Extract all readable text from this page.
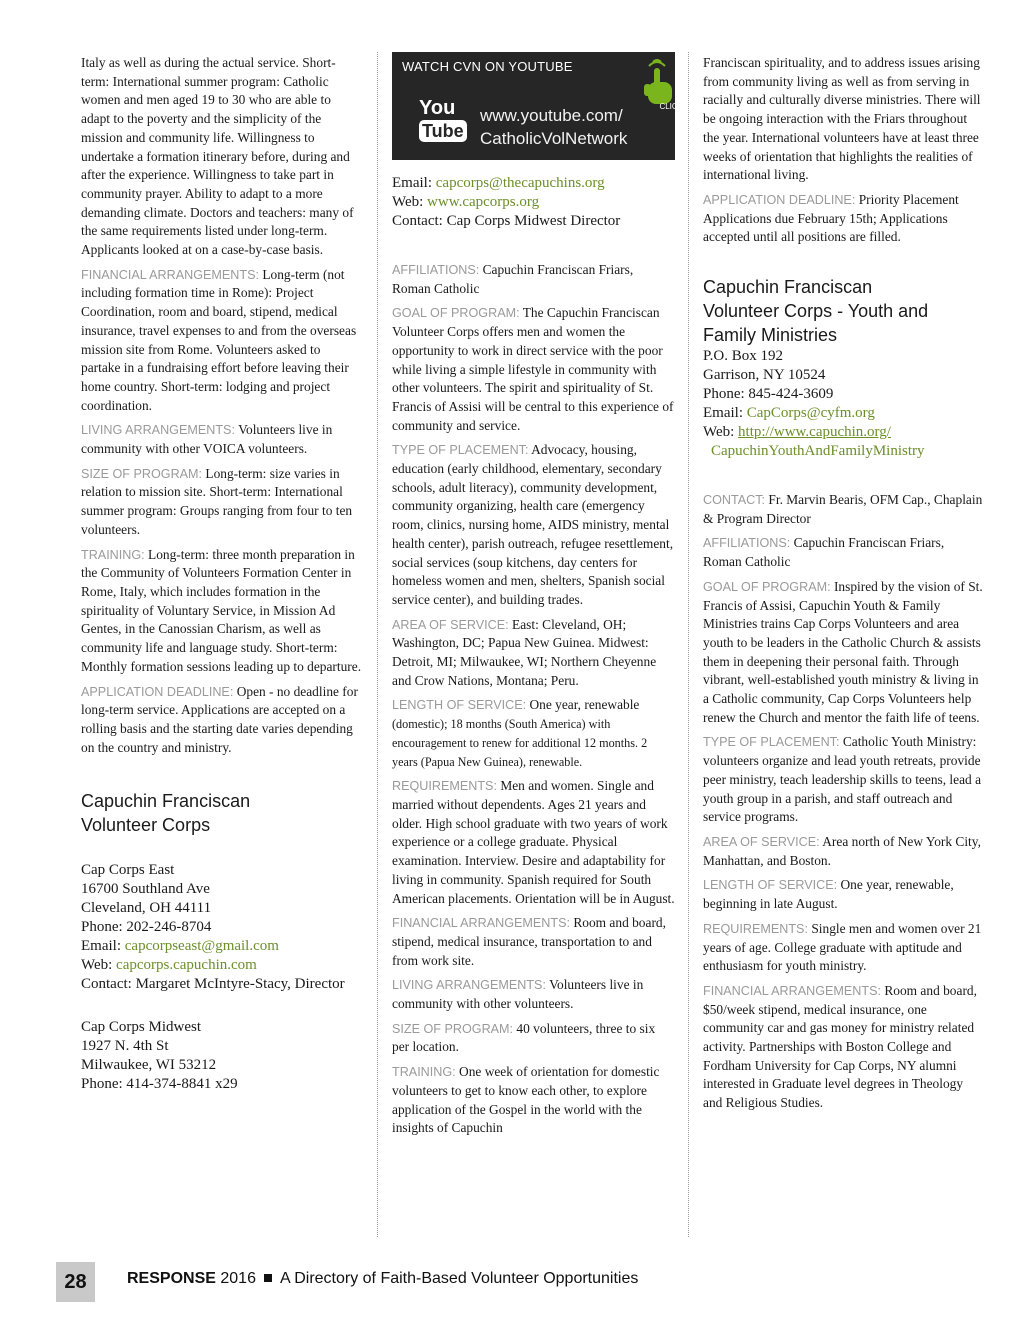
Italy as well as during the actual service. Short-term: International summer program: Catholic women and men aged 19 to 30 who are able to adapt to the poverty and the simplicity of the mission and community life. Willingness to undertake a formation itinerary before, during and after the experience. Willingness to take part in community prayer. Ability to adapt to a more demanding climate. Doctors and teachers: many of the same requirements listed under long-term. Applicants looked at on a case-by-case basis.

FINANCIAL ARRANGEMENTS: Long-term (not including formation time in Rome): Project Coordination, room and board, stipend, medical insurance, travel expenses to and from the overseas mission site from Rome. Volunteers asked to partake in a fundraising effort before leaving their home country. Short-term: lodging and project coordination.

LIVING ARRANGEMENTS: Volunteers live in community with other VOICA volunteers.

SIZE OF PROGRAM: Long-term: size varies in relation to mission site. Short-term: International summer program: Groups ranging from four to ten volunteers.

TRAINING: Long-term: three month preparation in the Community of Volunteers Formation Center in Rome, Italy, which includes formation in the spirituality of Voluntary Service, in Mission Ad Gentes, in the Canossian Charism, as well as community life and language study. Short-term: Monthly formation sessions leading up to departure.

APPLICATION DEADLINE: Open - no deadline for long-term service. Applications are accepted on a rolling basis and the starting date varies depending on the country and ministry.

Capuchin Franciscan
Volunteer Corps
Cap Corps East
16700 Southland Ave
Cleveland, OH 44111
Phone: 202-246-8704
Email: capcorpseast@gmail.com
Web: capcorps.capuchin.com
Contact: Margaret McIntyre-Stacy, Director
Cap Corps Midwest
1927 N. 4th St
Milwaukee, WI 53212
Phone: 414-374-8841 x29
WATCH CVN ON YOUTUBE
You
Tube
www.youtube.com/
CatholicVolNetwork
CLICK
Email: capcorps@thecapuchins.org
Web: www.capcorps.org
Contact: Cap Corps Midwest Director

AFFILIATIONS: Capuchin Franciscan Friars, Roman Catholic

GOAL OF PROGRAM: The Capuchin Franciscan Volunteer Corps offers men and women the opportunity to work in direct service with the poor while living a simple lifestyle in community with other volunteers. The spirit and spirituality of St. Francis of Assisi will be central to this experience of community and service.

TYPE OF PLACEMENT: Advocacy, housing, education (early childhood, elementary, secondary schools, adult literacy), community development, community organizing, health care (emergency room, clinics, nursing home, AIDS ministry, mental health center), parish outreach, refugee resettlement, social services (soup kitchens, day centers for homeless women and men, shelters, Spanish social service center), and building trades.

AREA OF SERVICE: East: Cleveland, OH; Washington, DC; Papua New Guinea. Midwest: Detroit, MI; Milwaukee, WI; Northern Cheyenne and Crow Nations, Montana; Peru.

LENGTH OF SERVICE: One year, renewable (domestic); 18 months (South America) with encouragement to renew for additional 12 months. 2 years (Papua New Guinea), renewable.

REQUIREMENTS: Men and women. Single and married without dependents. Ages 21 years and older. High school graduate with two years of work experience or a college graduate. Physical examination. Interview. Desire and adaptability for living in community. Spanish required for South American placements. Orientation will be in August.

FINANCIAL ARRANGEMENTS: Room and board, stipend, medical insurance, transportation to and from work site.

LIVING ARRANGEMENTS: Volunteers live in community with other volunteers.

SIZE OF PROGRAM: 40 volunteers, three to six per location.

TRAINING: One week of orientation for domestic volunteers to get to know each other, to explore application of the Gospel in the world with the insights of Capuchin

Franciscan spirituality, and to address issues arising from community living as well as from serving in racially and culturally diverse ministries. There will be ongoing interaction with the Friars throughout the year. International volunteers have at least three weeks of orientation that highlights the realities of international living.

APPLICATION DEADLINE: Priority Placement Applications due February 15th; Applications accepted until all positions are filled.

Capuchin Franciscan
Volunteer Corps - Youth and
Family Ministries
P.O. Box 192
Garrison, NY 10524
Phone: 845-424-3609
Email: CapCorps@cyfm.org
Web: http://www.capuchin.org/
CapuchinYouthAndFamilyMinistry

CONTACT: Fr. Marvin Bearis, OFM Cap., Chaplain & Program Director

AFFILIATIONS: Capuchin Franciscan Friars, Roman Catholic

GOAL OF PROGRAM: Inspired by the vision of St. Francis of Assisi, Capuchin Youth & Family Ministries trains Cap Corps Volunteers and area youth to be leaders in the Catholic Church & assists them in deepening their personal faith. Through vibrant, well-established youth ministry & living in a Catholic community, Cap Corps Volunteers help renew the Church and mentor the faith life of teens.

TYPE OF PLACEMENT: Catholic Youth Ministry: volunteers organize and lead youth retreats, provide peer ministry, teach leadership skills to teens, lead a youth group in a parish, and staff outreach and service programs.

AREA OF SERVICE: Area north of New York City, Manhattan, and Boston.

LENGTH OF SERVICE: One year, renewable, beginning in late August.

REQUIREMENTS: Single men and women over 21 years of age. College graduate with aptitude and enthusiasm for youth ministry.

FINANCIAL ARRANGEMENTS: Room and board, $50/week stipend, medical insurance, one community car and gas money for ministry related activity. Partnerships with Boston College and Fordham University for Cap Corps, NY alumni interested in Graduate level degrees in Theology and Religious Studies.

28	RESPONSE 2016 A Directory of Faith-Based Volunteer Opportunities
